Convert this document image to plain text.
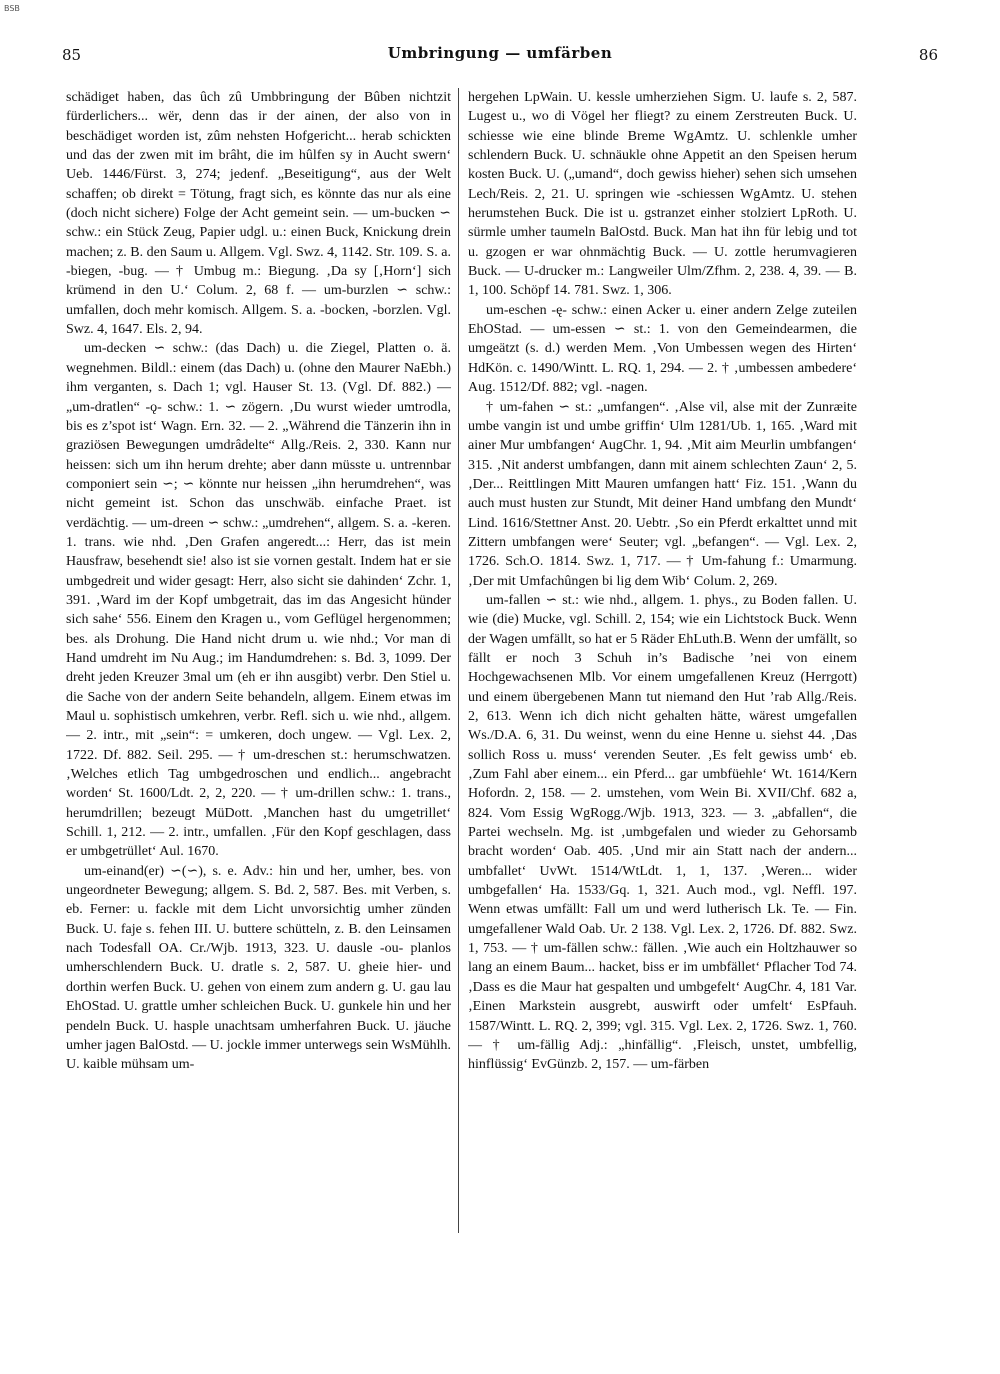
BSB
85	Umbringung — umfärben	86

schädiget haben, das ûch zû Umbbringung der Bûben nichtzit fürderlichers... wër, denn das ir der ainen, der also von in beschädiget worden ist, zûm nehsten Hofgericht... herab schickten und das der zwen mit im brâht, die im hûlfen sy in Aucht swern‘ Ueb. 1446/Fürst. 3, 274; jedenf. „Beseitigung“, aus der Welt schaffen; ob direkt = Tötung, fragt sich, es könnte das nur als eine (doch nicht sichere) Folge der Acht gemeint sein. — um-bucken ∽ schw.: ein Stück Zeug, Papier udgl. u.: einen Buck, Knickung drein machen; z. B. den Saum u. Allgem. Vgl. Swz. 4, 1142. Str. 109. S. a. -biegen, -bug. — † Umbug m.: Biegung. ‚Da sy [‚Horn‘] sich krümend in den U.‘ Colum. 2, 68 f. — um-burzlen ∽ schw.: umfallen, doch mehr komisch. Allgem. S. a. -bocken, -borzlen. Vgl. Swz. 4, 1647. Els. 2, 94.

um-decken ∽ schw.: (das Dach) u. die Ziegel, Platten o. ä. wegnehmen. Bildl.: einem (das Dach) u. (ohne den Maurer NaEbh.) ihm verganten, s. Dach 1; vgl. Hauser St. 13. (Vgl. Df. 882.) — „um-dratlen“ -ǫ- schw.: 1. ∽ zögern. ‚Du wurst wieder umtrodla, bis es z’spot ist‘ Wagn. Ern. 32. — 2. „Während die Tänzerin ihn in graziösen Bewegungen umdrâdelte“ Allg./Reis. 2, 330. Kann nur heissen: sich um ihn herum drehte; aber dann müsste u. untrennbar componiert sein ∽; ∽ könnte nur heissen „ihn herumdrehen“, was nicht gemeint ist. Schon das unschwäb. einfache Praet. ist verdächtig. — um-dreen ∽ schw.: „umdrehen“, allgem. S. a. -keren. 1. trans. wie nhd. ‚Den Grafen angeredt...: Herr, das ist mein Hausfraw, besehendt sie! also ist sie vornen gestalt. Indem hat er sie umbgedreit und wider gesagt: Herr, also sicht sie dahinden‘ Zchr. 1, 391. ‚Ward im der Kopf umbgetrait, das im das Angesicht hünder sich sahe‘ 556. Einem den Kragen u., vom Geflügel hergenommen; bes. als Drohung. Die Hand nicht drum u. wie nhd.; Vor man di Hand umdreht im Nu Aug.; im Handumdrehen: s. Bd. 3, 1099. Der dreht jeden Kreuzer 3mal um (eh er ihn ausgibt) verbr. Den Stiel u. die Sache von der andern Seite behandeln, allgem. Einem etwas im Maul u. sophistisch umkehren, verbr. Refl. sich u. wie nhd., allgem. — 2. intr., mit „sein“: = umkeren, doch ungew. — Vgl. Lex. 2, 1722. Df. 882. Seil. 295. — † um-dreschen st.: herumschwatzen. ‚Welches etlich Tag umbgedroschen und endlich... angebracht worden‘ St. 1600/Ldt. 2, 2, 220. — † um-drillen schw.: 1. trans., herumdrillen; bezeugt MüDott. ‚Manchen hast du umgetrillet‘ Schill. 1, 212. — 2. intr., umfallen. ‚Für den Kopf geschlagen, dass er umbgetrüllet‘ Aul. 1670.

um-einand(er) ∽(∽), s. e. Adv.: hin und her, umher, bes. von ungeordneter Bewegung; allgem. S. Bd. 2, 587. Bes. mit Verben, s. eb. Ferner: u. fackle mit dem Licht unvorsichtig umher zünden Buck. U. faje s. fehen III. U. buttere schütteln, z. B. den Leinsamen nach Todesfall OA. Cr./Wjb. 1913, 323. U. dausle -ou- planlos umherschlendern Buck. U. dratle s. 2, 587. U. gheie hier- und dorthin werfen Buck. U. gehen von einem zum andern g. U. gau lau EhOStad. U. grattle umher schleichen Buck. U. gunkele hin und her pendeln Buck. U. hasple unachtsam umherfahren Buck. U. jäuche umher jagen BalOstd. — U. jockle immer unterwegs sein WsMühlh. U. kaible mühsam um-

hergehen LpWain. U. kessle umherziehen Sigm. U. laufe s. 2, 587. Lugest u., wo di Vögel her fliegt? zu einem Zerstreuten Buck. U. schiesse wie eine blinde Breme WgAmtz. U. schlenkle umher schlendern Buck. U. schnäukle ohne Appetit an den Speisen herum kosten Buck. U. („umand“, doch gewiss hieher) sehen sich umsehen Lech/Reis. 2, 21. U. springen wie -schiessen WgAmtz. U. stehen herumstehen Buck. Die ist u. gstranzet einher stolziert LpRoth. U. sürmle umher taumeln BalOstd. Buck. Man hat ihn für lebig und tot u. gzogen er war ohnmächtig Buck. — U. zottle herumvagieren Buck. — U-drucker m.: Langweiler Ulm/Zfhm. 2, 238. 4, 39. — B. 1, 100. Schöpf 14. 781. Swz. 1, 306.

um-eschen -ę- schw.: einen Acker u. einer andern Zelge zuteilen EhOStad. — um-essen ∽ st.: 1. von den Gemeindearmen, die umgeätzt (s. d.) werden Mem. ‚Von Umbessen wegen des Hirten‘ HdKön. c. 1490/Wintt. L. RQ. 1, 294. — 2. † ‚umbessen ambedere‘ Aug. 1512/Df. 882; vgl. -nagen.

† um-fahen ∽ st.: „umfangen“. ‚Alse vil, alse mit der Zunræite umbe vangin ist und umbe griffin‘ Ulm 1281/Ub. 1, 165. ‚Ward mit ainer Mur umbfangen‘ AugChr. 1, 94. ‚Mit aim Meurlin umbfangen‘ 315. ‚Nit anderst umbfangen, dann mit ainem schlechten Zaun‘ 2, 5. ‚Der... Reittlingen Mitt Mauren umfangen hatt‘ Fiz. 151. ‚Wann du auch must husten zur Stundt, Mit deiner Hand umbfang den Mundt‘ Lind. 1616/Stettner Anst. 20. Uebtr. ‚So ein Pferdt erkalttet unnd mit Zittern umbfangen were‘ Seuter; vgl. „befangen“. — Vgl. Lex. 2, 1726. Sch.O. 1814. Swz. 1, 717. — † Um-fahung f.: Umarmung. ‚Der mit Umfachûngen bi lig dem Wib‘ Colum. 2, 269.

um-fallen ∽ st.: wie nhd., allgem. 1. phys., zu Boden fallen. U. wie (die) Mucke, vgl. Schill. 2, 154; wie ein Lichtstock Buck. Wenn der Wagen umfällt, so hat er 5 Räder EhLuth.B. Wenn der umfällt, so fällt er noch 3 Schuh in’s Badische ’nei von einem Hochgewachsenen Mlb. Vor einem umgefallenen Kreuz (Herrgott) und einem übergebenen Mann tut niemand den Hut ’rab Allg./Reis. 2, 613. Wenn ich dich nicht gehalten hätte, wärest umgefallen Ws./D.A. 6, 31. Du weinst, wenn du eine Henne u. siehst 44. ‚Das sollich Ross u. muss‘ verenden Seuter. ‚Es felt gewiss umb‘ eb. ‚Zum Fahl aber einem... ein Pferd... gar umbfüehle‘ Wt. 1614/Kern Hofordn. 2, 158. — 2. umstehen, vom Wein Bi. XVII/Chf. 682 a, 824. Vom Essig WgRogg./Wjb. 1913, 323. — 3. „abfallen“, die Partei wechseln. Mg. ist ‚umbgefalen und wieder zu Gehorsamb bracht worden‘ Oab. 405. ‚Und mir ain Statt nach der andern... umbfallet‘ UvWt. 1514/WtLdt. 1, 1, 137. ‚Weren... wider umbgefallen‘ Ha. 1533/Gq. 1, 321. Auch mod., vgl. Neffl. 197. Wenn etwas umfällt: Fall um und werd lutherisch Lk. Te. — Fin. umgefallener Wald Oab. Ur. 2 138. Vgl. Lex. 2, 1726. Df. 882. Swz. 1, 753. — † um-fällen schw.: fällen. ‚Wie auch ein Holtzhauwer so lang an einem Baum... hacket, biss er im umbfället‘ Pflacher Tod 74. ‚Dass es die Maur hat gespalten und umbgefelt‘ AugChr. 4, 181 Var. ‚Einen Markstein ausgrebt, auswirft oder umfelt‘ EsPfauh. 1587/Wintt. L. RQ. 2, 399; vgl. 315. Vgl. Lex. 2, 1726. Swz. 1, 760. — † um-fällig Adj.: „hinfällig“. ‚Fleisch, unstet, umbfellig, hinflüssig‘ EvGünzb. 2, 157. — um-färben
